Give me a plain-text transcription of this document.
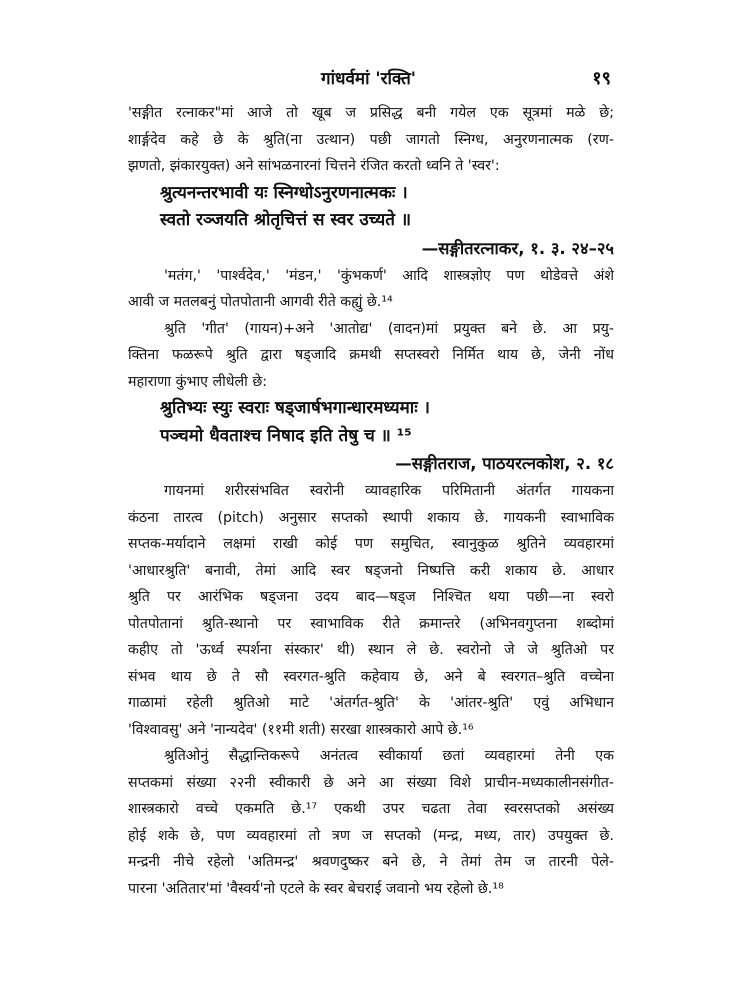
गांधर्वमां 'रक्ति'	१९
'सङ्गीत रत्नाकर"मां आजे तो खूब ज प्रसिद्ध बनी गयेल एक सूत्रमां मळे छे;
शार्ङ्गदेव कहे छे के श्रुति(ना उत्थान) पछी जागतो स्निग्ध, अनुरणनात्मक (रण-
झणतो, झंकारयुक्त) अने सांभळनारनां चित्तने रंजित करतो ध्वनि ते 'स्वर':
श्रुत्यनन्तरभावी यः स्निग्धोऽनुरणनात्मकः ।
स्वतो रञ्जयति श्रोतृचित्तं स स्वर उच्यते ॥
—सङ्गीतरत्नाकर, १. ३. २४–२५
'मतंग,' 'पार्श्वदेव,' 'मंडन,' 'कुंभकर्ण' आदि शास्त्रज्ञोए पण थोडेवत्ते अंशे
आवी ज मतलबनुं पोतपोतानी आगवी रीते कह्युं छे.¹⁴
श्रुति 'गीत' (गायन)+अने 'आतोद्य' (वादन)मां प्रयुक्त बने छे. आ प्रयु-
क्तिना फळरूपे श्रुति द्वारा षड्जादि क्रमथी सप्तस्वरो निर्मित थाय छे, जेनी नोंध
महाराणा कुंभाए लीधेली छे:
श्रुतिभ्यः स्युः स्वराः षड्जार्षभगान्धारमध्यमाः ।
पञ्चमो धैवताश्च निषाद इति तेषु च ॥ ¹⁵
—सङ्गीतराज, पाठयरत्नकोश, २. १८
गायनमां शरीरसंभवित स्वरोनी व्यावहारिक परिमितानी अंतर्गत गायकना
कंठना तारत्व (pitch) अनुसार सप्तको स्थापी शकाय छे. गायकनी स्वाभाविक
सप्तक-मर्यादाने लक्षमां राखी कोई पण समुचित, स्वानुकुळ श्रुतिने व्यवहारमां
'आधारश्रुति' बनावी, तेमां आदि स्वर षड्जनो निष्पत्ति करी शकाय छे. आधार
श्रुति पर आरंभिक षड्जना उदय बाद—षड्ज निश्चित थया पछी—ना स्वरो
पोतपोतानां श्रुति-स्थानो पर स्वाभाविक रीते क्रमान्तरे (अभिनवगुप्तना शब्दोमां
कहीए तो 'ऊर्ध्व स्पर्शना संस्कार' थी) स्थान ले छे. स्वरोनो जे जे श्रुतिओ पर
संभव थाय छे ते सौ स्वरगत-श्रुति कहेवाय छे, अने बे स्वरगत–श्रुति वच्चेना
गाळामां रहेली श्रुतिओ माटे 'अंतर्गत-श्रुति' के 'आंतर-श्रुति' एवुं अभिधान
'विश्वावसु' अने 'नान्यदेव' (११मी शती) सरखा शास्त्रकारो आपे छे.¹⁶
श्रुतिओनुं सैद्धान्तिकरूपे अनंतत्व स्वीकार्या छतां व्यवहारमां तेनी एक
सप्तकमां संख्या २२नी स्वीकारी छे अने आ संख्या विशे प्राचीन-मध्यकालीनसंगीत-
शास्त्रकारो वच्चे एकमति छे.¹⁷ एकथी उपर चढता तेवा स्वरसप्तको असंख्य
होई शके छे, पण व्यवहारमां तो त्रण ज सप्तको (मन्द्र, मध्य, तार) उपयुक्त छे.
मन्द्रनी नीचे रहेलो 'अतिमन्द्र' श्रवणदुष्कर बने छे, ने तेमां तेम ज तारनी पेले-
पारना 'अतितार'मां 'वैस्वर्य'नो एटले के स्वर बेचराई जवानो भय रहेलो छे.¹⁸
